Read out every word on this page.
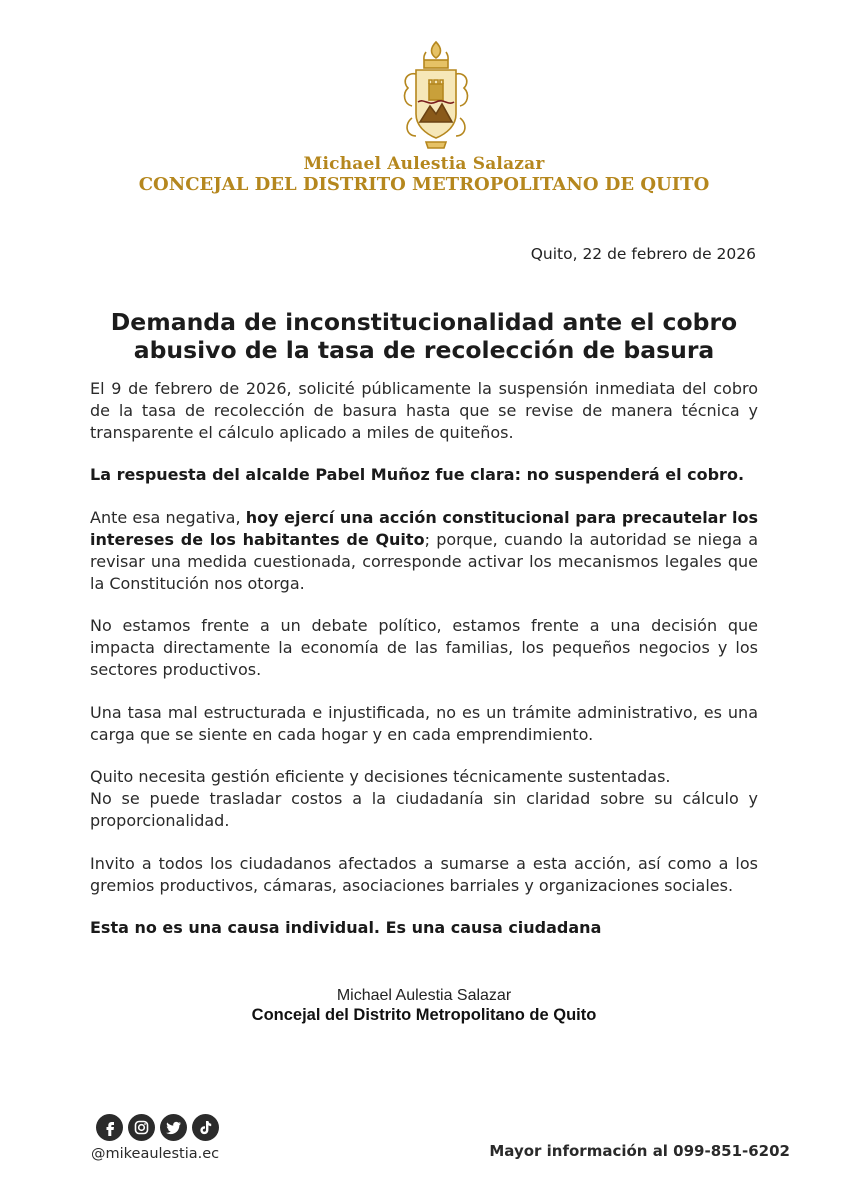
Michael Aulestia Salazar
CONCEJAL DEL DISTRITO METROPOLITANO DE QUITO
Quito, 22 de febrero de 2026
Demanda de inconstitucionalidad ante el cobro
abusivo de la tasa de recolección de basura

El 9 de febrero de 2026, solicité públicamente la suspensión inmediata del cobro de la tasa de recolección de basura hasta que se revise de manera técnica y transparente el cálculo aplicado a miles de quiteños.

La respuesta del alcalde Pabel Muñoz fue clara: no suspenderá el cobro.

Ante esa negativa, hoy ejercí una acción constitucional para precautelar los intereses de los habitantes de Quito; porque, cuando la autoridad se niega a revisar una medida cuestionada, corresponde activar los mecanismos legales que la Constitución nos otorga.

No estamos frente a un debate político, estamos frente a una decisión que impacta directamente la economía de las familias, los pequeños negocios y los sectores productivos.

Una tasa mal estructurada e injustificada, no es un trámite administrativo, es una carga que se siente en cada hogar y en cada emprendimiento.

Quito necesita gestión eficiente y decisiones técnicamente sustentadas.

No se puede trasladar costos a la ciudadanía sin claridad sobre su cálculo y proporcionalidad.

Invito a todos los ciudadanos afectados a sumarse a esta acción, así como a los gremios productivos, cámaras, asociaciones barriales y organizaciones sociales.

Esta no es una causa individual. Es una causa ciudadana

Michael Aulestia Salazar
Concejal del Distrito Metropolitano de Quito
@mikeaulestia.ec	Mayor información al 099-851-6202
